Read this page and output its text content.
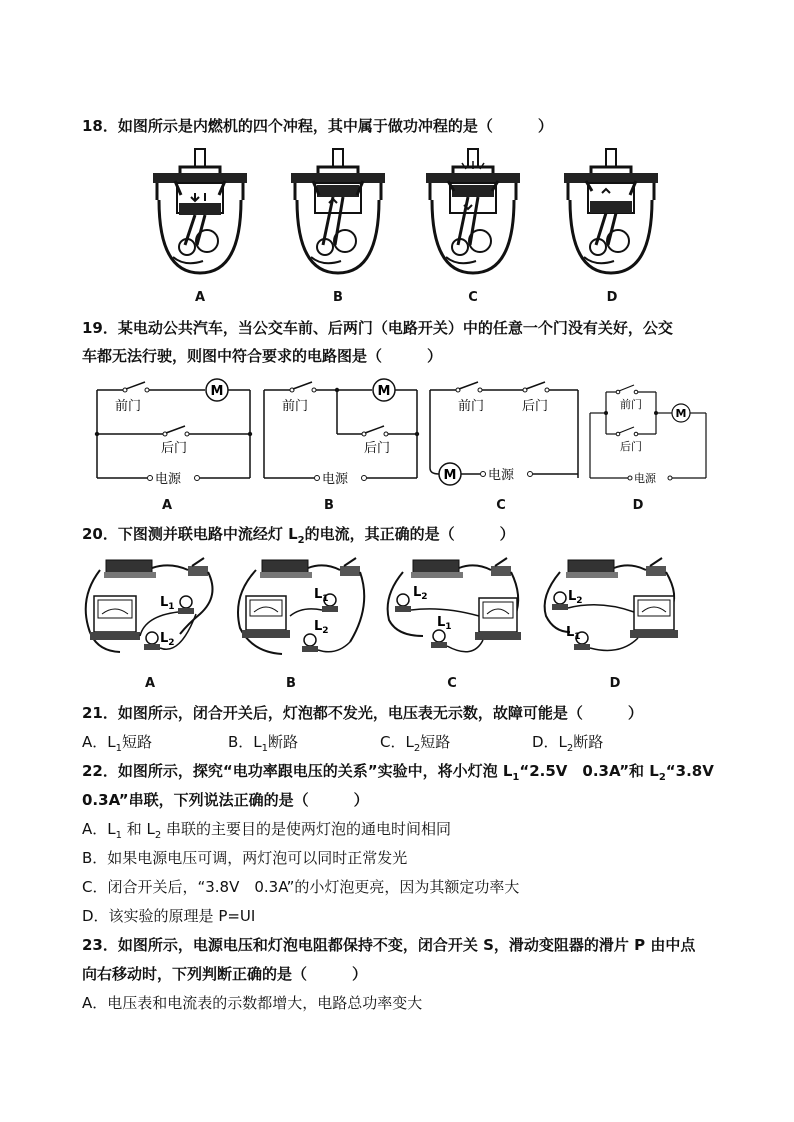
18．如图所示是内燃机的四个冲程，其中属于做功冲程的是（　　　）
A	B	C	D
19．某电动公共汽车，当公交车前、后两门（电路开关）中的任意一个门没有关好，公交
车都无法行驶，则图中符合要求的电路图是（　　　）
M
前门
后门
电源
M
前门
后门
电源
前门	后门
M 电源
前门
后门
M
电源
A	B	C	D
20．下图测并联电路中流经灯 $L_2$的电流，其正确的是（　　　）
$L_1$
$L_2$
$L_1$
$L_2$
$L_2$
$L_1$
$L_2$
$L_1$
A	B	C	D
21．如图所示，闭合开关后，灯泡都不发光，电压表无示数，故障可能是（　　　）
A．$L_1$短路	B．$L_1$断路	C．$L_2$短路	D．$L_2$断路
22．如图所示，探究“电功率跟电压的关系”实验中，将小灯泡 $L_1“2.5V$　0.3A”和 $L_2“3.8V$
0.3A”串联，下列说法正确的是（　　　）
A．$L_1$ 和 $L_2$ 串联的主要目的是使两灯泡的通电时间相同
B．如果电源电压可调，两灯泡可以同时正常发光
C．闭合开关后，“3.8V　0.3A”的小灯泡更亮，因为其额定功率大
D．该实验的原理是 P=UI
23．如图所示，电源电压和灯泡电阻都保持不变，闭合开关 S，滑动变阻器的滑片 P 由中点
向右移动时，下列判断正确的是（　　　）
A．电压表和电流表的示数都增大，电路总功率变大
